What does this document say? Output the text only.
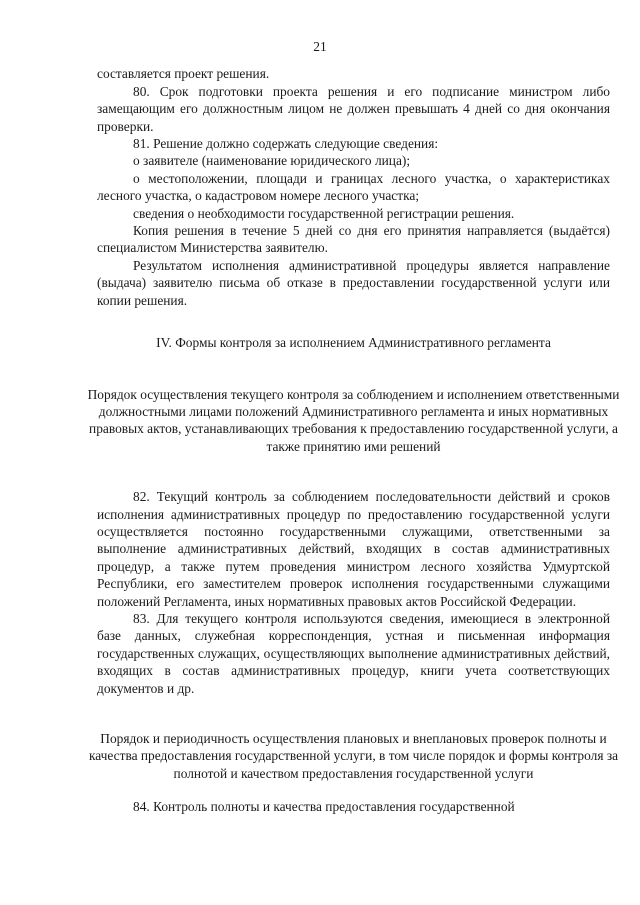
21

составляется проект решения.

80. Срок подготовки проекта решения и его подписание министром либо замещающим его должностным лицом не должен превышать 4 дней со дня окончания проверки.

81. Решение должно содержать следующие сведения:

о заявителе (наименование юридического лица);

о местоположении, площади и границах лесного участка, о характеристиках лесного участка, о кадастровом номере лесного участка;

сведения о необходимости государственной регистрации решения.

Копия решения в течение 5 дней со дня его принятия направляется (выдаётся) специалистом Министерства заявителю.

Результатом исполнения административной процедуры является направление (выдача) заявителю письма об отказе в предоставлении государственной услуги или копии решения.

IV. Формы контроля за исполнением Административного регламента

Порядок осуществления текущего контроля за соблюдением и исполнением ответственными должностными лицами положений Административного регламента и иных нормативных правовых актов, устанавливающих требования к предоставлению государственной услуги, а также принятию ими решений

82. Текущий контроль за соблюдением последовательности действий и сроков исполнения административных процедур по предоставлению государственной услуги осуществляется постоянно государственными служащими, ответственными за выполнение административных действий, входящих в состав административных процедур, а также путем проведения министром лесного хозяйства Удмуртской Республики, его заместителем проверок исполнения государственными служащими положений Регламента, иных нормативных правовых актов Российской Федерации.

83. Для текущего контроля используются сведения, имеющиеся в электронной базе данных, служебная корреспонденция, устная и письменная информация государственных служащих, осуществляющих выполнение административных действий, входящих в состав административных процедур, книги учета соответствующих документов и др.

Порядок и периодичность осуществления плановых и внеплановых проверок полноты и качества предоставления государственной услуги, в том числе порядок и формы контроля за полнотой и качеством предоставления государственной услуги

84. Контроль полноты и качества предоставления государственной
